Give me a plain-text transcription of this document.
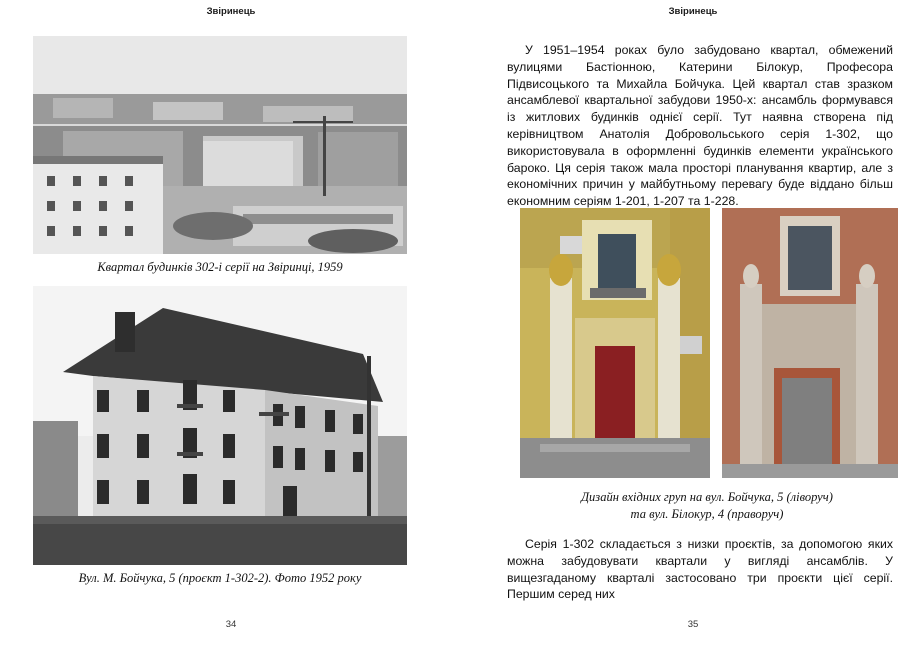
Звіринець
Квартал будинків 302-і серії на Звіринці, 1959
Вул. М. Бойчука, 5 (проєкт 1-302-2). Фото 1952 року
34
Звіринець

У 1951–1954 роках було забудовано квартал, обмежений вулицями Бастіонною, Катерини Білокур, Професора Підвисоцького та Михайла Бойчука. Цей квартал став зразком ансамблевої квартальної забудови 1950-х: ансамбль формувався із житлових будинків однієї серії. Тут наявна створена під керівництвом Анатолія Добровольського серія 1-302, що використовувала в оформленні будинків елементи українського бароко. Ця серія також мала просторі планування квартир, але з економічних причин у майбутньому перевагу буде віддано більш економним серіям 1-201, 1-207 та 1-228.

Дизайн вхідних груп на вул. Бойчука, 5 (ліворуч)
та вул. Білокур, 4 (праворуч)

Серія 1-302 складається з низки проєктів, за допомогою яких можна забудовувати квартали у вигляді ансамблів. У вищезгаданому кварталі застосовано три проєкти цієї серії. Першим серед них

35
